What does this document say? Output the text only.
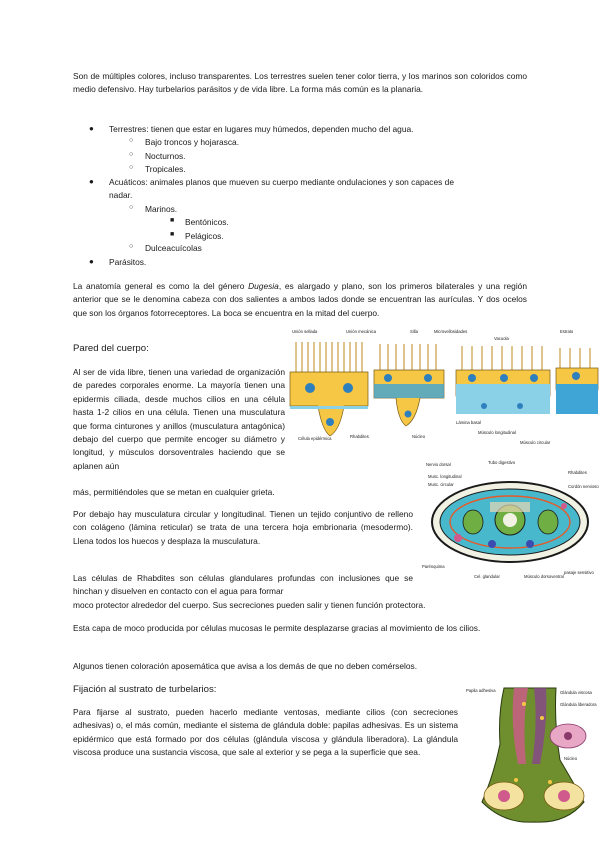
Son de múltiples colores, incluso transparentes. Los terrestres suelen tener color tierra, y los marinos son coloridos como medio defensivo. Hay turbelarios parásitos y de vida libre. La forma más común es la planaria.

● Terrestres: tienen que estar en lugares muy húmedos, dependen mucho del agua.
○ Bajo troncos y hojarasca.
○ Nocturnos.
○ Tropicales.
● Acuáticos: animales planos que mueven su cuerpo mediante ondulaciones y son capaces de
nadar.
○ Marinos.
■ Bentónicos.
■ Pelágicos.
○ Dulceacuícolas
● Parásitos.

La anatomía general es como la del género Dugesia, es alargado y plano, son los primeros bilaterales y una región anterior que se le denomina cabeza con dos salientes a ambos lados donde se encuentran las aurículas. Y dos ocelos que son los órganos fotorreceptores. La boca se encuentra en la mitad del cuerpo.

Pared del cuerpo:

Al ser de vida libre, tienen una variedad de organización de paredes corporales enorme. La mayoría tienen una epidermis ciliada, desde muchos cilios en una célula hasta 1-2 cilios en una célula. Tienen una musculatura que forma cinturones y anillos (musculatura antagónica) debajo del cuerpo que permite encoger su diámetro y longitud, y músculos dorsoventrales haciendo que se aplanen aún

más, permitiéndoles que se metan en cualquier grieta.

Por debajo hay musculatura circular y longitudinal. Tienen un tejido conjuntivo de relleno con colágeno (lámina reticular) se trata de una tercera hoja embrionaria (mesodermo). Llena todos los huecos y desplaza la musculatura.

Las células de Rhabdites son células glandulares profundas con inclusiones que se hinchan y disuelven en contacto con el agua para formar

moco protector alrededor del cuerpo. Sus secreciones pueden salir y tienen función protectora.

Esta capa de moco producida por células mucosas le permite desplazarse gracias al movimiento de los cilios.

Algunos tienen coloración aposemática que avisa a los demás de que no deben comérselos.

Fijación al sustrato de turbelarios:

Para fijarse al sustrato, pueden hacerlo mediante ventosas, mediante cilios (con secreciones adhesivas) o, el más común, mediante el sistema de glándula doble: papilas adhesivas. Es un sistema epidérmico que está formado por dos células (glándula viscosa y glándula liberadora). La glándula viscosa produce una sustancia viscosa, que sale al exterior y se pega a la superficie que sea.

Unión sellada	Unión mecánica	Silla	Microvellosidades	Estrato
Vacuola
Lámina basal
Célula epidérmica	Rhabdites	Núcleo
Músculo longitudinal
Músculo circular
Nervio dorsal
Musc. longitudinal
Musc. circular
Tubo digestivo
Rhabdites
Cordón nervioso
Parénquima
Cel. glandular	Músculo dorsoventral
pasaje sensitivo
Glándula viscosa
Glándula liberadora
Papila adhesiva
Núcleo
